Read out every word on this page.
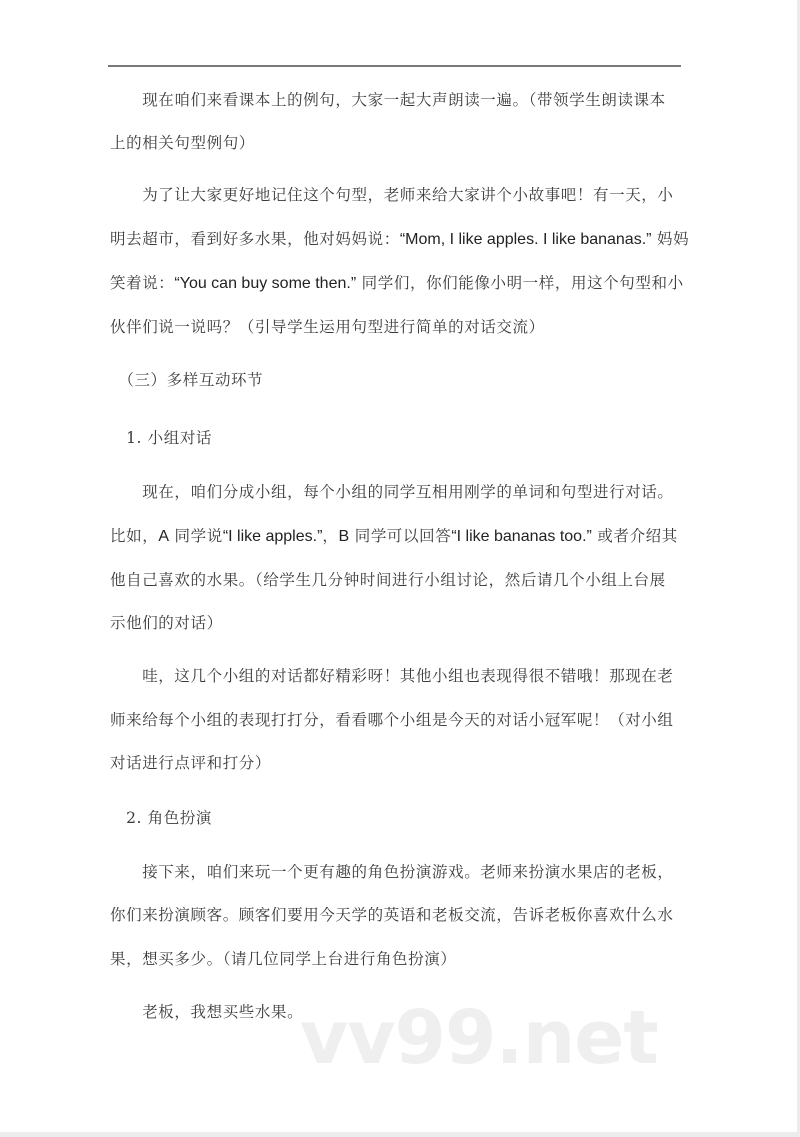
　　现在咱们来看课本上的例句，大家一起大声朗读一遍。（带领学生朗读课本
上的相关句型例句）
　　为了让大家更好地记住这个句型，老师来给大家讲个小故事吧！有一天，小
明去超市，看到好多水果，他对妈妈说：“Mom, I like apples. I like bananas.” 妈妈
笑着说：“You can buy some then.” 同学们，你们能像小明一样，用这个句型和小
伙伴们说一说吗？（引导学生运用句型进行简单的对话交流）
　（三）多样互动环节
　1. 小组对话
　　现在，咱们分成小组，每个小组的同学互相用刚学的单词和句型进行对话。
比如，A 同学说“I like apples.”，B 同学可以回答“I like bananas too.” 或者介绍其
他自己喜欢的水果。（给学生几分钟时间进行小组讨论，然后请几个小组上台展
示他们的对话）
　　哇，这几个小组的对话都好精彩呀！其他小组也表现得很不错哦！那现在老
师来给每个小组的表现打打分，看看哪个小组是今天的对话小冠军呢！（对小组
对话进行点评和打分）
　2. 角色扮演
　　接下来，咱们来玩一个更有趣的角色扮演游戏。老师来扮演水果店的老板，
你们来扮演顾客。顾客们要用今天学的英语和老板交流，告诉老板你喜欢什么水
果，想买多少。（请几位同学上台进行角色扮演）
　　老板，我想买些水果。
vv99.net
